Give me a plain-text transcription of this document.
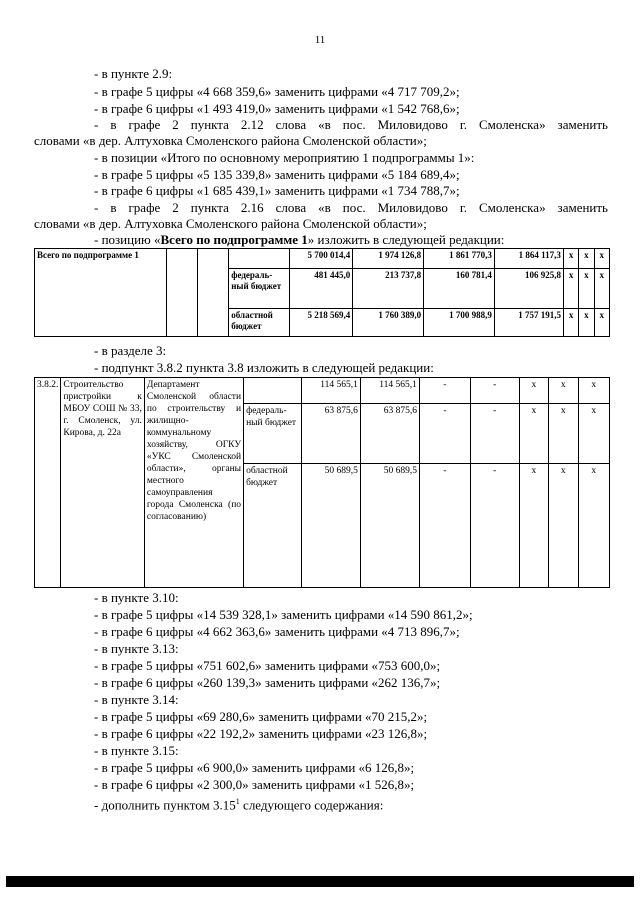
11
- в пункте 2.9:
- в графе 5 цифры «4 668 359,6» заменить цифрами «4 717 709,2»;
- в графе 6 цифры «1 493 419,0» заменить цифрами «1 542 768,6»;
- в графе 2 пункта 2.12 слова «в пос. Миловидово г. Смоленска» заменить
словами «в дер. Алтуховка Смоленского района Смоленской области»;
- в позиции «Итого по основному мероприятию 1 подпрограммы 1»:
- в графе 5 цифры «5 135 339,8» заменить цифрами «5 184 689,4»;
- в графе 6 цифры «1 685 439,1» заменить цифрами «1 734 788,7»;
- в графе 2 пункта 2.16 слова «в пос. Миловидово г. Смоленска» заменить
словами «в дер. Алтуховка Смоленского района Смоленской области»;
- позицию «Всего по подпрограмме 1» изложить в следующей редакции:
Всего по подпрограмме 1				5 700 014,4	1 974 126,8	1 861 770,3	1 864 117,3	x	x	x
			федераль-ный бюджет	481 445,0	213 737,8	160 781,4	106 925,8	x	x	x
			областной бюджет	5 218 569,4	1 760 389,0	1 700 988,9	1 757 191,5	x	x	x
- в разделе 3:
- подпункт 3.8.2 пункта 3.8 изложить в следующей редакции:
3.8.2.	Строительство пристройки к МБОУ СОШ № 33, г. Смоленск, ул. Кирова, д. 22а	Департамент Смоленской области по строительству и жилищно-коммунальному хозяйству, ОГКУ «УКС Смоленской области», органы местного самоуправления города Смоленска (по согласованию)		114 565,1	114 565,1	-	-	x	x	x
			федераль-ный бюджет	63 875,6	63 875,6	-	-	x	x	x
			областной бюджет	50 689,5	50 689,5	-	-	x	x	x
- в пункте 3.10:
- в графе 5 цифры «14 539 328,1» заменить цифрами «14 590 861,2»;
- в графе 6 цифры «4 662 363,6» заменить цифрами «4 713 896,7»;
- в пункте 3.13:
- в графе 5 цифры «751 602,6» заменить цифрами «753 600,0»;
- в графе 6 цифры «260 139,3» заменить цифрами «262 136,7»;
- в пункте 3.14:
- в графе 5 цифры «69 280,6» заменить цифрами «70 215,2»;
- в графе 6 цифры «22 192,2» заменить цифрами «23 126,8»;
- в пункте 3.15:
- в графе 5 цифры «6 900,0» заменить цифрами «6 126,8»;
- в графе 6 цифры «2 300,0» заменить цифрами «1 526,8»;
- дополнить пунктом 3.15$^1$ следующего содержания:
